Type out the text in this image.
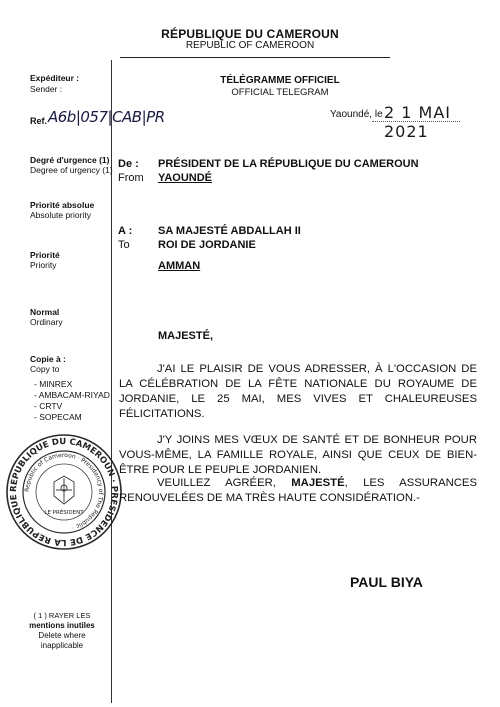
RÉPUBLIQUE DU CAMEROUN
REPUBLIC OF CAMEROON
TÉLÉGRAMME OFFICIEL
OFFICIAL TELEGRAM
Expéditeur :
Sender :
Ref. A6b|057|CAB|PR
Degré d'urgence (1)
Degree of urgency (1)
Priorité absolue
Absolute priority
Priorité
Priority
Normal
Ordinary
Copie à :
Copy to
- MINREX
- AMBACAM-RIYAD
- CRTV
- SOPECAM
REPUBLIQUE DU CAMEROUN · PRESIDENCE DE LA REPUBLIQUE
Republic of Cameroon · Presidency of The Republic ·
LE PRÉSIDENT
( 1 ) RAYER LES
mentions inutiles
Delete where
inapplicable
Yaoundé, le 2 1 MAI 2021
De :
From
PRÉSIDENT DE LA RÉPUBLIQUE DU CAMEROUN
YAOUNDÉ
A :
To
SA MAJESTÉ ABDALLAH II
ROI DE JORDANIE
AMMAN
MAJESTÉ,
J'AI LE PLAISIR DE VOUS ADRESSER, À L'OCCASION DE LA CÉLÉBRATION DE LA FÊTE NATIONALE DU ROYAUME DE JORDANIE, LE 25 MAI, MES VIVES ET CHALEUREUSES FÉLICITATIONS.
J'Y JOINS MES VŒUX DE SANTÉ ET DE BONHEUR POUR VOUS-MÊME, LA FAMILLE ROYALE, AINSI QUE CEUX DE BIEN-ÊTRE POUR LE PEUPLE JORDANIEN.
VEUILLEZ AGRÉER, MAJESTÉ, LES ASSURANCES RENOUVELÉES DE MA TRÈS HAUTE CONSIDÉRATION.-
PAUL BIYA
